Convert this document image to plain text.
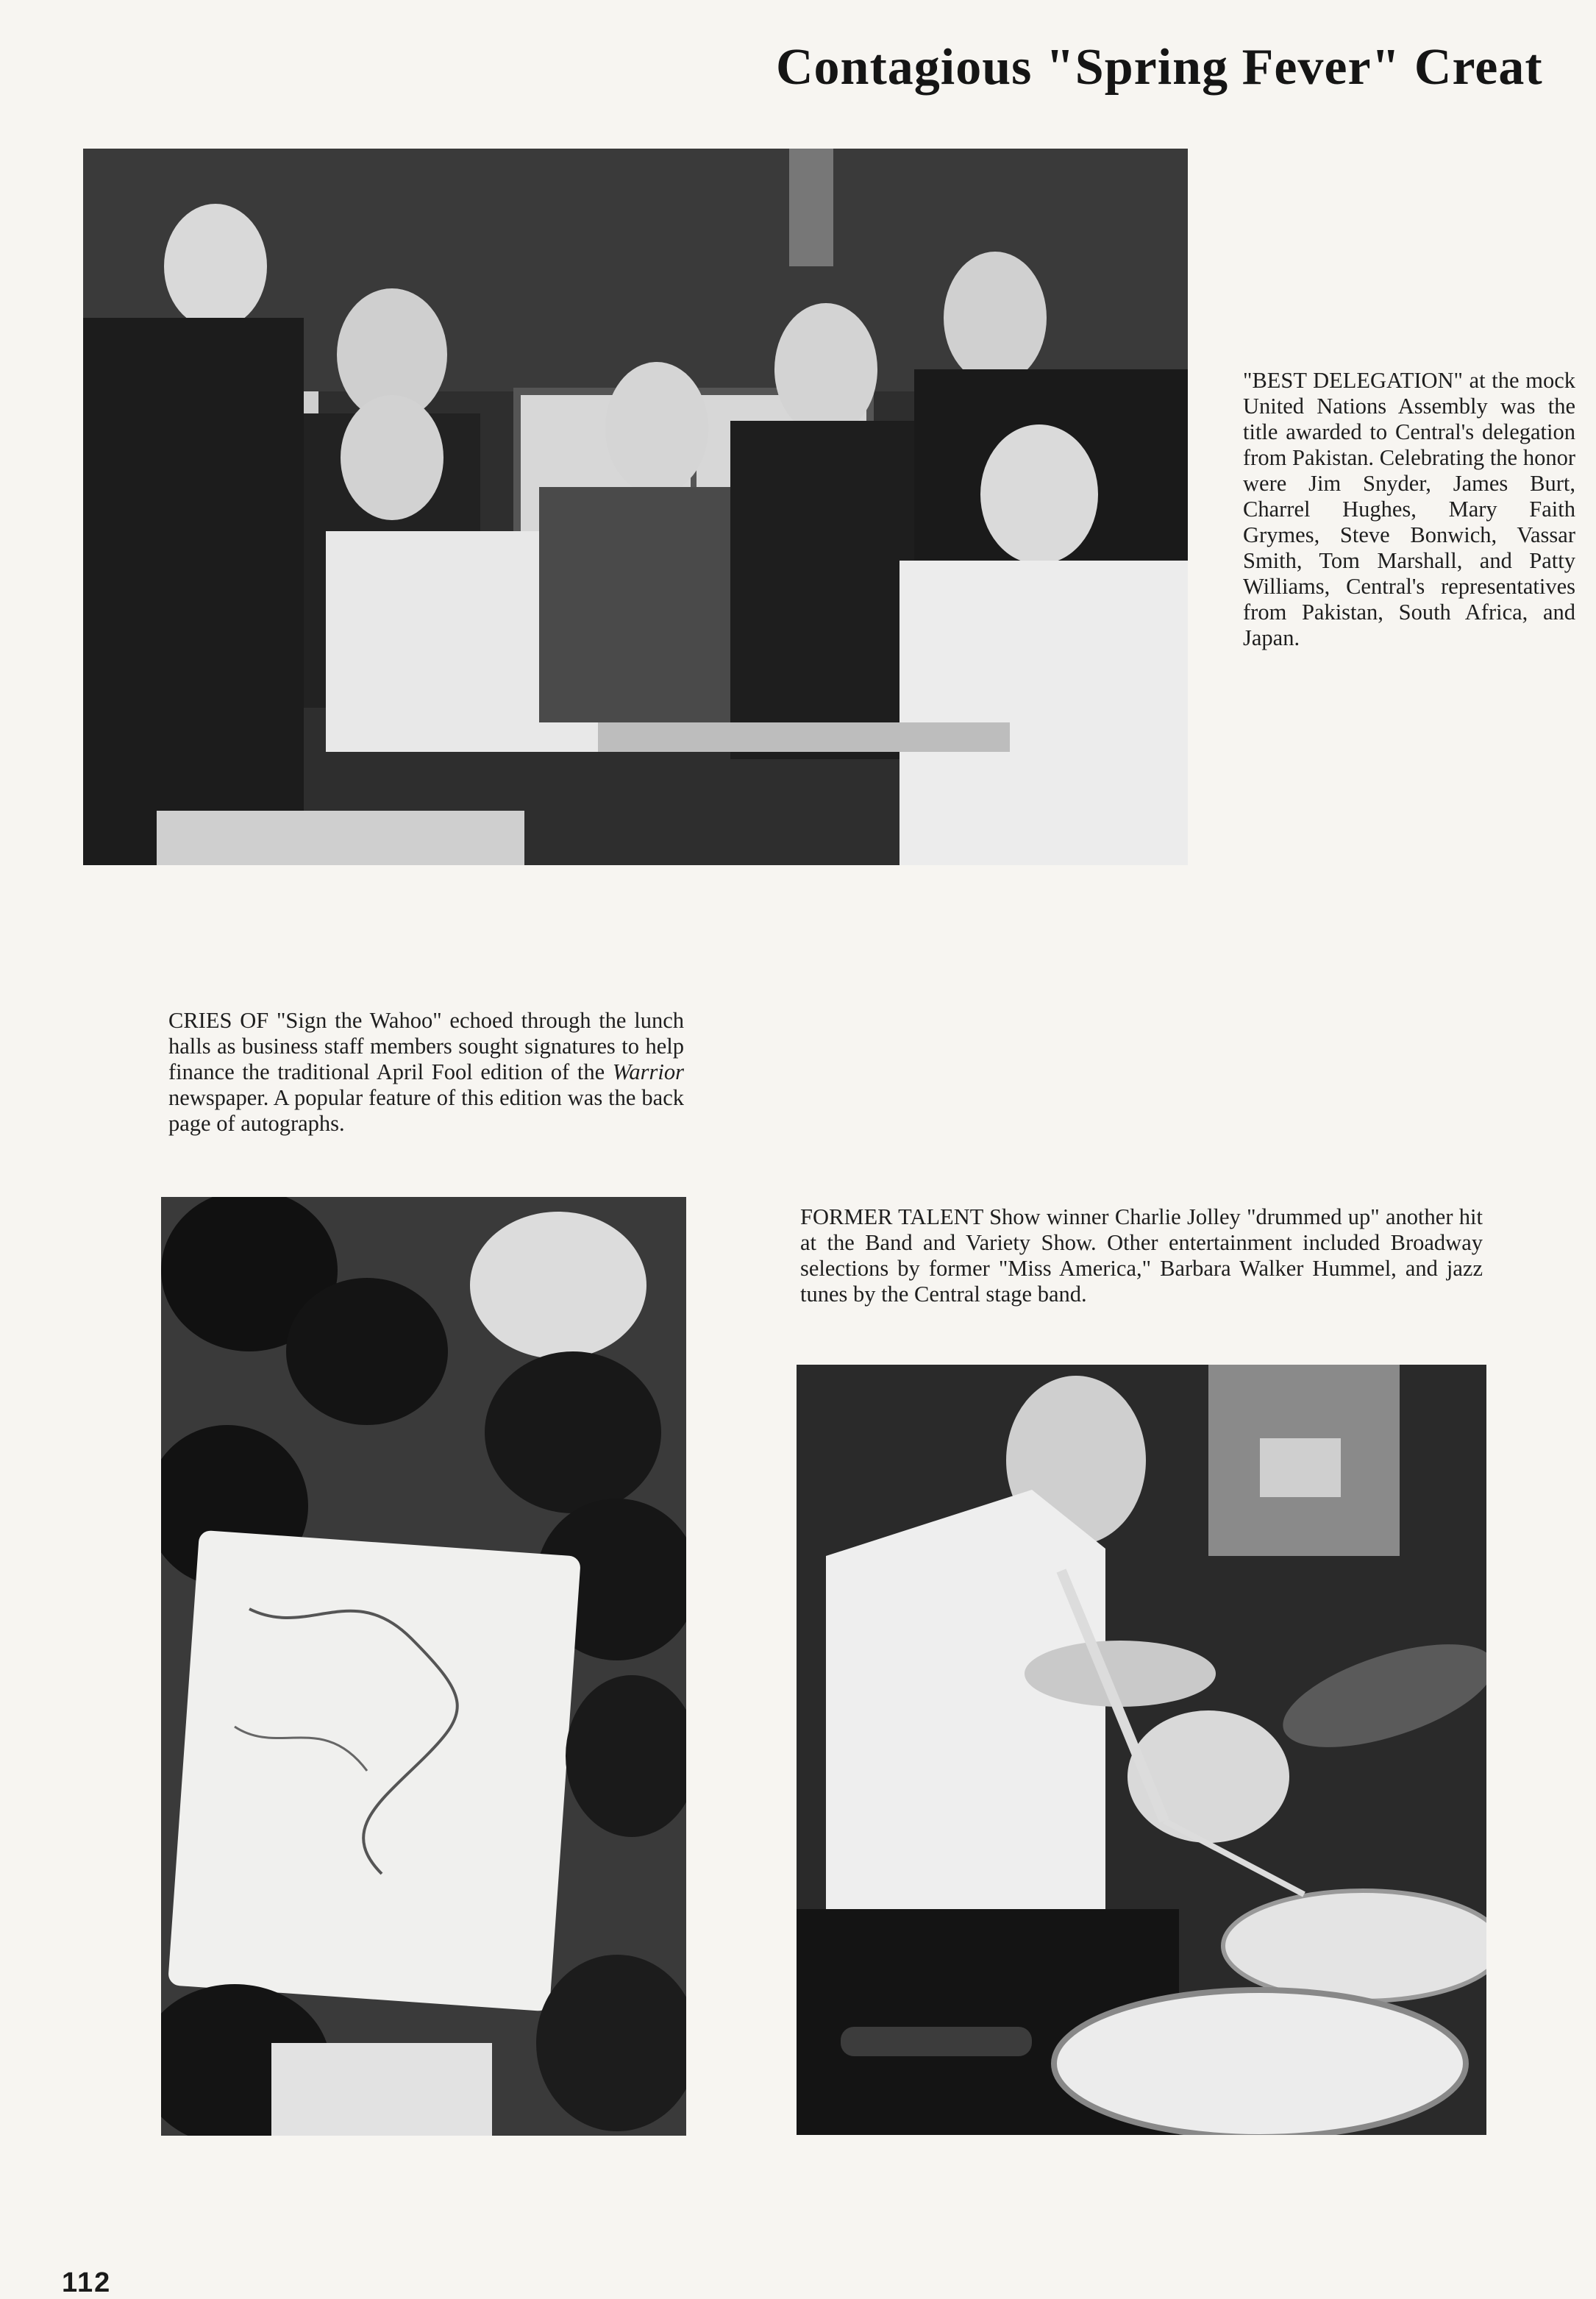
Contagious "Spring Fever" Creat
"BEST DELEGATION" at the mock United Nations Assembly was the title awarded to Central's delegation from Pakistan. Celebrating the honor were Jim Snyder, James Burt, Charrel Hughes, Mary Faith Grymes, Steve Bonwich, Vassar Smith, Tom Marshall, and Patty Williams, Central's representatives from Pakistan, South Africa, and Japan.
CRIES OF "Sign the Wahoo" echoed through the lunch halls as business staff members sought signatures to help finance the traditional April Fool edition of the Warrior newspaper. A popular feature of this edition was the back page of autographs.
FORMER TALENT Show winner Charlie Jolley "drummed up" another hit at the Band and Variety Show. Other entertainment included Broadway selections by former "Miss America," Barbara Walker Hummel, and jazz tunes by the Central stage band.
112
